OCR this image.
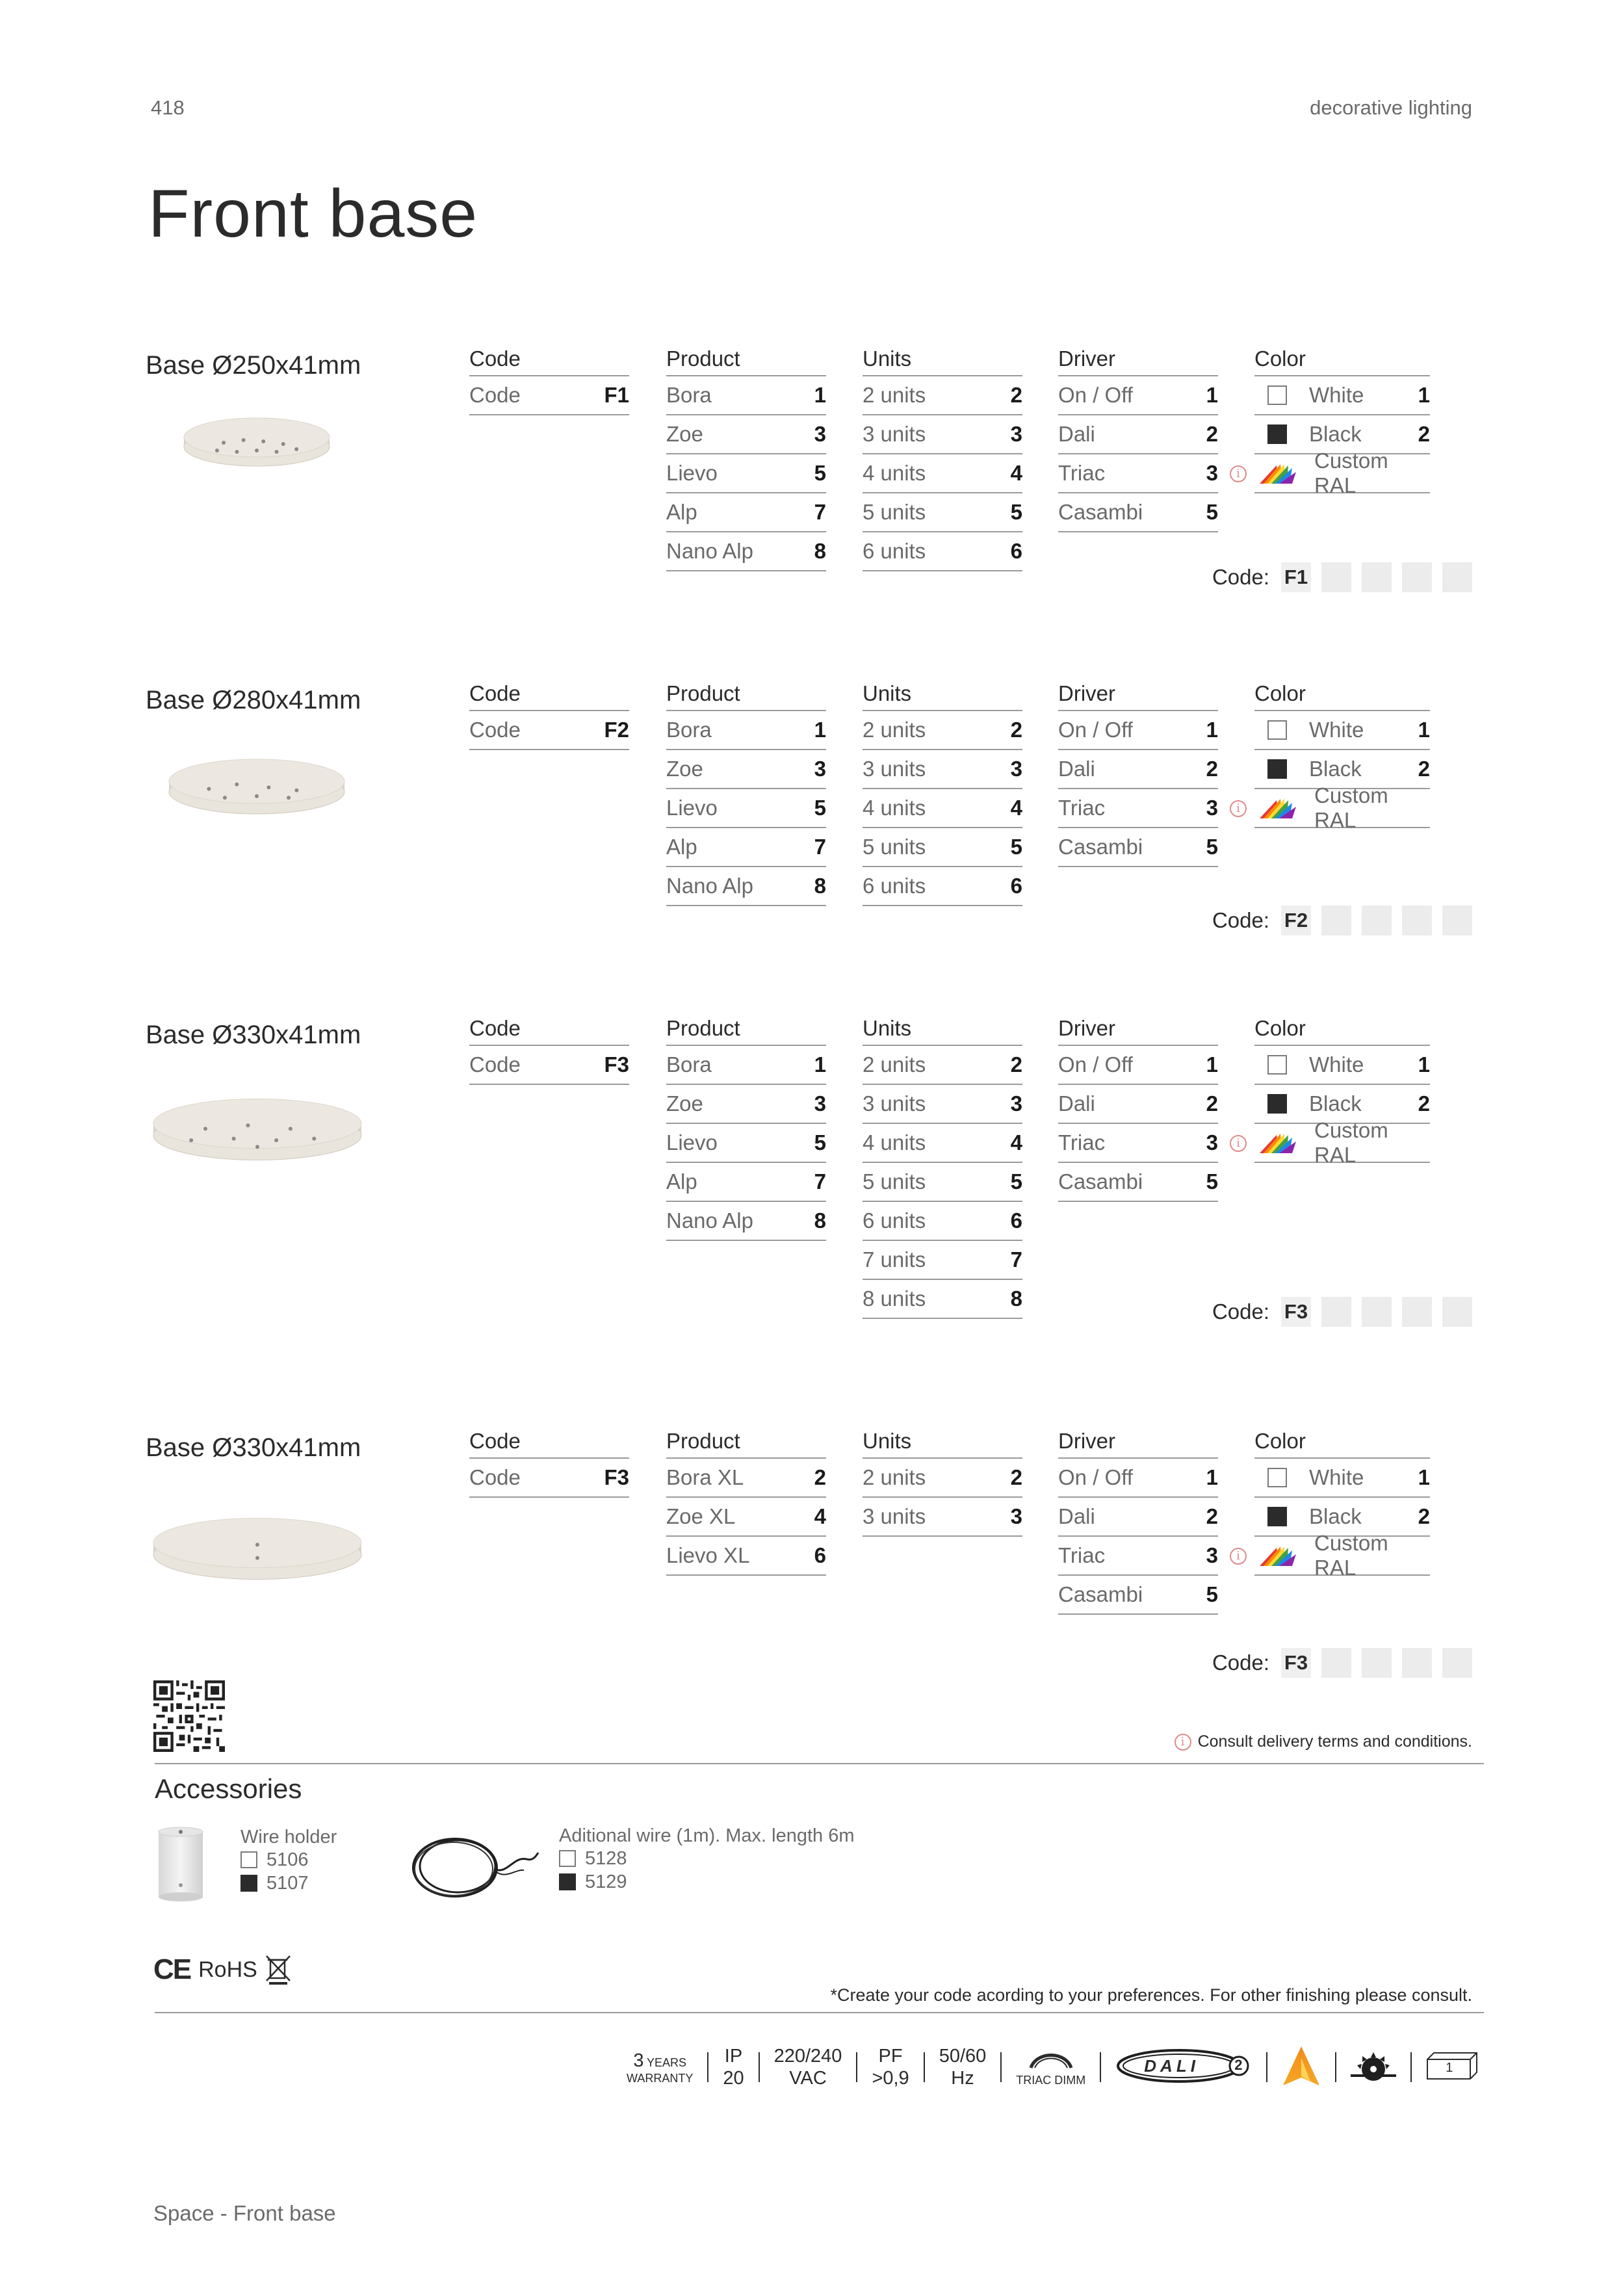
418	decorative lighting
Front base
Base Ø250x41mm	Code
Code	F1
Product
Bora	1
Zoe	3
Lievo	5
Alp	7
Nano Alp	8
Units
2 units	2
3 units	3
4 units	4
5 units	5
6 units	6
Driver
On / Off	1
Dali	2
Triac	3
Casambi	5
Color
White	1
Black	2
Custom RAL
i
Code: F1
Base Ø280x41mm	Code
Code	F2
Product
Bora	1
Zoe	3
Lievo	5
Alp	7
Nano Alp	8
Units
2 units	2
3 units	3
4 units	4
5 units	5
6 units	6
Driver
On / Off	1
Dali	2
Triac	3
Casambi	5
Color
White	1
Black	2
Custom RAL
i
Code: F2
Base Ø330x41mm	Code
Code	F3
Product
Bora	1
Zoe	3
Lievo	5
Alp	7
Nano Alp	8
Units
2 units	2
3 units	3
4 units	4
5 units	5
6 units	6
7 units	7
8 units	8
Driver
On / Off	1
Dali	2
Triac	3
Casambi	5
Color
White	1
Black	2
Custom RAL
i
Code: F3
Base Ø330x41mm	Code
Code	F3
Product
Bora XL	2
Zoe XL	4
Lievo XL	6
Units
2 units	2
3 units	3
Driver
On / Off	1
Dali	2
Triac	3
Casambi	5
Color
White	1
Black	2
Custom RAL
i
Code: F3
i Consult delivery terms and conditions.
Accessories
Wire holder
5106
5107
Aditional wire (1m). Max. length 6m
5128
5129
CE RoHS
*Create your code acording to your preferences. For other finishing please consult.
3 YEARS
WARRANTY
IP
20
220/240
VAC
PF
>0,9
50/60
Hz	TRIAC DIMM
DALI 2	1
Space - Front base
